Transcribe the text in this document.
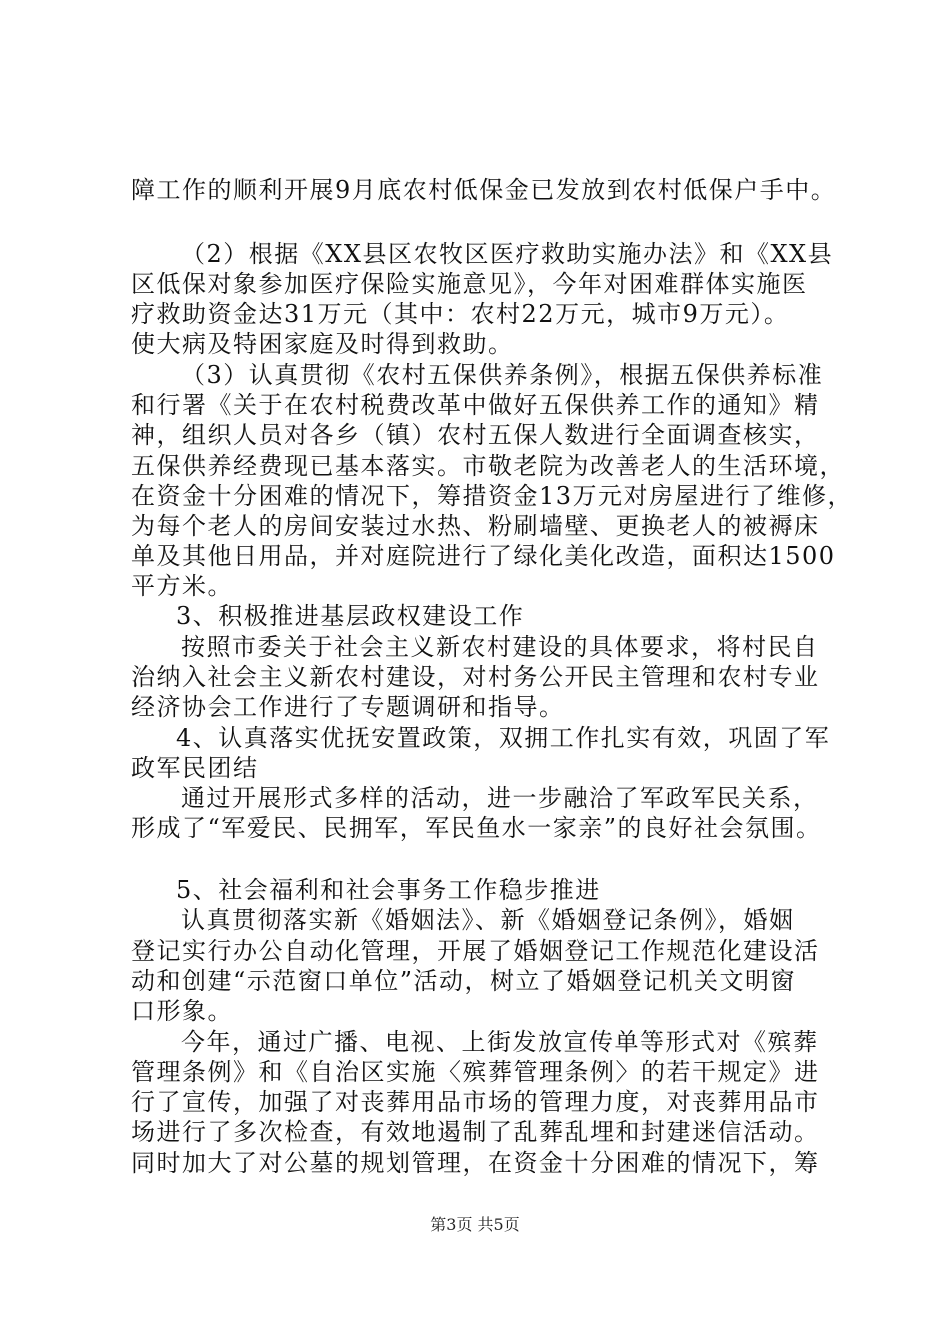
障工作的顺利开展9月底农村低保金已发放到农村低保户手中。
（2）根据《XX县区农牧区医疗救助实施办法》和《XX县
区低保对象参加医疗保险实施意见》，今年对困难群体实施医
疗救助资金达31万元（其中：农村22万元，城市9万元）。
使大病及特困家庭及时得到救助。
（3）认真贯彻《农村五保供养条例》，根据五保供养标准
和行署《关于在农村税费改革中做好五保供养工作的通知》精
神，组织人员对各乡（镇）农村五保人数进行全面调查核实，
五保供养经费现已基本落实。市敬老院为改善老人的生活环境，
在资金十分困难的情况下，筹措资金13万元对房屋进行了维修，
为每个老人的房间安装过水热、粉刷墙壁、更换老人的被褥床
单及其他日用品，并对庭院进行了绿化美化改造，面积达1500
平方米。
3、积极推进基层政权建设工作
按照市委关于社会主义新农村建设的具体要求，将村民自
治纳入社会主义新农村建设，对村务公开民主管理和农村专业
经济协会工作进行了专题调研和指导。
4、认真落实优抚安置政策，双拥工作扎实有效，巩固了军
政军民团结
通过开展形式多样的活动，进一步融洽了军政军民关系，
形成了“军爱民、民拥军，军民鱼水一家亲”的良好社会氛围。
5、社会福利和社会事务工作稳步推进
认真贯彻落实新《婚姻法》、新《婚姻登记条例》，婚姻
登记实行办公自动化管理，开展了婚姻登记工作规范化建设活
动和创建“示范窗口单位”活动，树立了婚姻登记机关文明窗
口形象。
今年，通过广播、电视、上街发放宣传单等形式对《殡葬
管理条例》和《自治区实施〈殡葬管理条例〉的若干规定》进
行了宣传，加强了对丧葬用品市场的管理力度，对丧葬用品市
场进行了多次检查，有效地遏制了乱葬乱埋和封建迷信活动。
同时加大了对公墓的规划管理，在资金十分困难的情况下，筹
第3页 共5页
